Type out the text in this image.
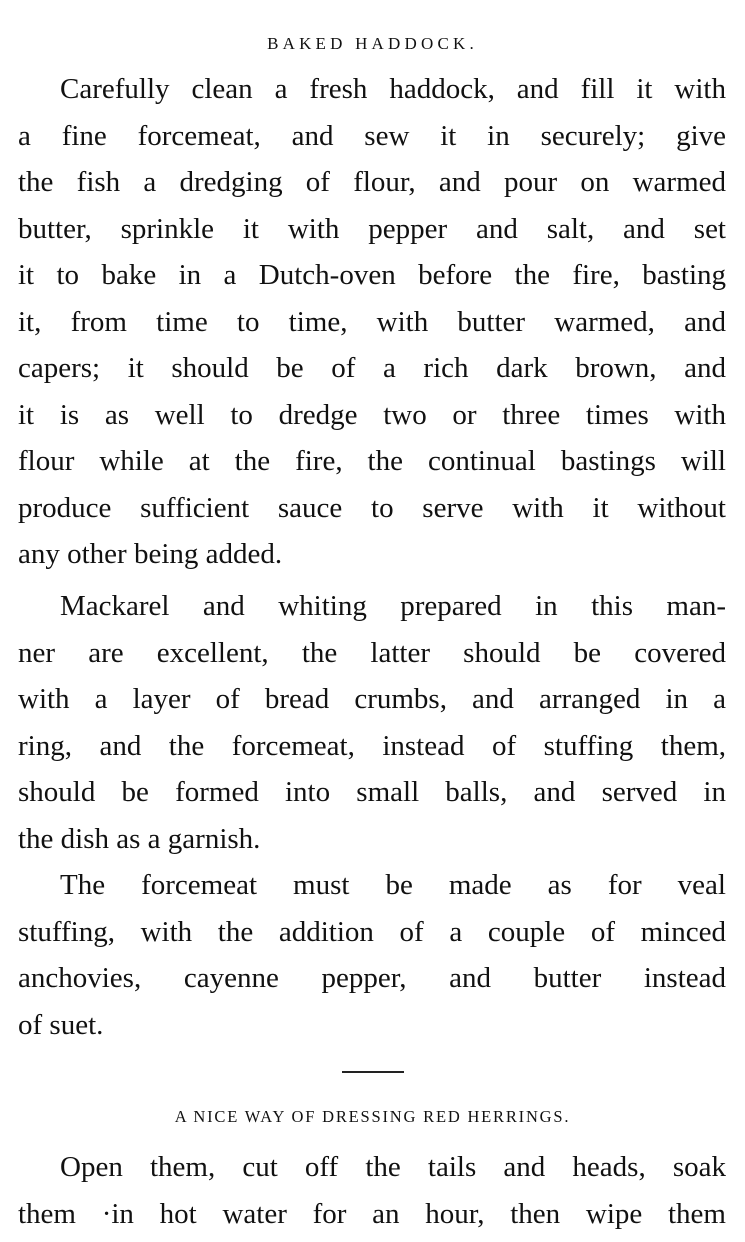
BAKED HADDOCK.

Carefully clean a fresh haddock, and fill it with
a fine forcemeat, and sew it in securely; give
the fish a dredging of flour, and pour on warmed
butter, sprinkle it with pepper and salt, and set
it to bake in a Dutch-oven before the fire, basting
it, from time to time, with butter warmed, and
capers; it should be of a rich dark brown, and
it is as well to dredge two or three times with
flour while at the fire, the continual bastings will
produce sufficient sauce to serve with it without
any other being added.

Mackarel and whiting prepared in this man-
ner are excellent, the latter should be covered
with a layer of bread crumbs, and arranged in a
ring, and the forcemeat, instead of stuffing them,
should be formed into small balls, and served in
the dish as a garnish.

The forcemeat must be made as for veal
stuffing, with the addition of a couple of minced
anchovies, cayenne pepper, and butter instead
of suet.

A NICE WAY OF DRESSING RED HERRINGS.

Open them, cut off the tails and heads, soak
them ·in hot water for an hour, then wipe them
